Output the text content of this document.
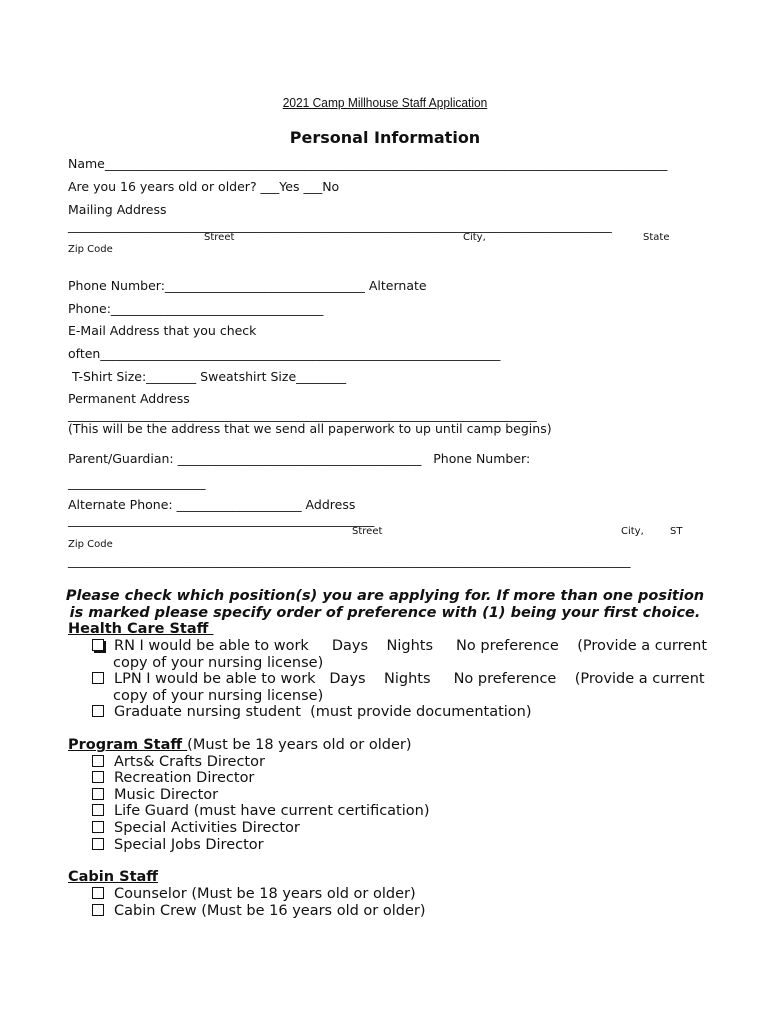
2021 Camp Millhouse Staff Application
Personal Information
Name__________________________________________________________________________________________
Are you 16 years old or older? ___Yes ___No
Mailing Address
_______________________________________________________________________________________
Street	City,	State
Zip Code
Phone Number:________________________________ Alternate
Phone:__________________________________
E-Mail Address that you check
often________________________________________________________________
T-Shirt Size:________ Sweatshirt Size________
Permanent Address
___________________________________________________________________________
(This will be the address that we send all paperwork to up until camp begins)
Parent/Guardian: _______________________________________   Phone Number:
______________________
Alternate Phone: ____________________ Address
_________________________________________________
Street	City,	ST
Zip Code
__________________________________________________________________________________________
Please check which position(s) you are applying for. If more than one position is marked please specify order of preference with (1) being your first choice.
Health Care Staff
RN I would be able to work     Days    Nights     No preference    (Provide a current
copy of your nursing license)
LPN I would be able to work   Days    Nights     No preference    (Provide a current
copy of your nursing license)
Graduate nursing student  (must provide documentation)
Program Staff (Must be 18 years old or older)
Arts& Crafts Director
Recreation Director
Music Director
Life Guard (must have current certification)
Special Activities Director
Special Jobs Director
Cabin Staff
Counselor (Must be 18 years old or older)
Cabin Crew (Must be 16 years old or older)
